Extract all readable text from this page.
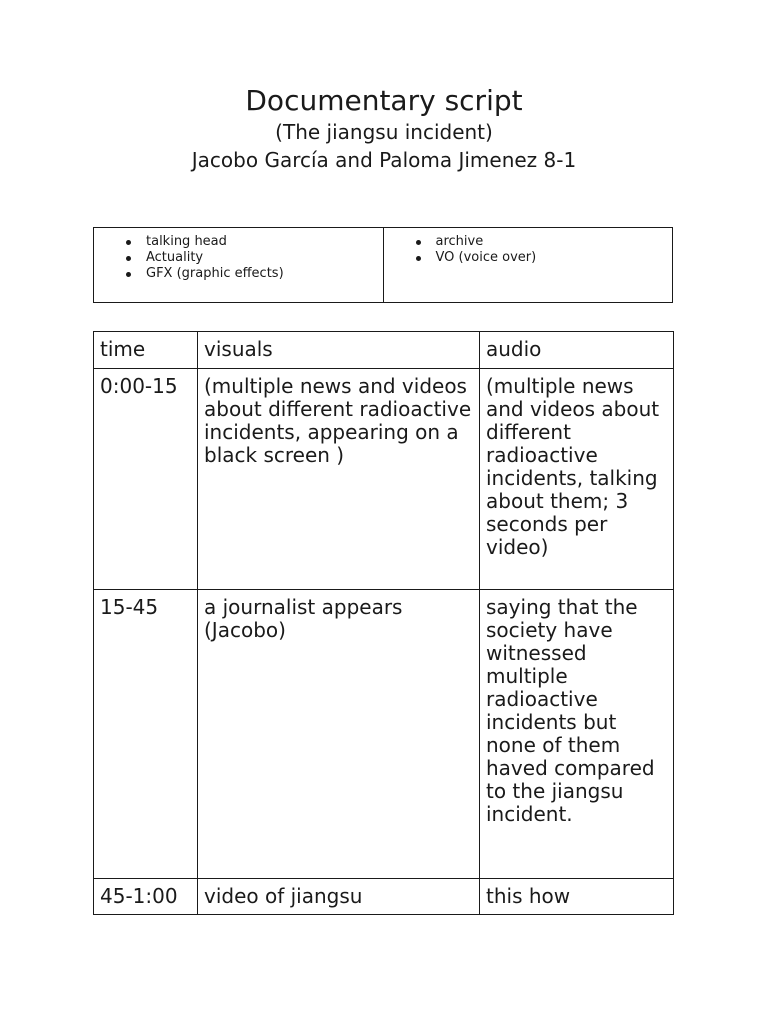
Documentary script
(The jiangsu incident)
Jacobo García and Paloma Jimenez 8-1
talking head
Actuality
GFX (graphic effects)

archive
VO (voice over)
time	visuals	audio
0:00-15	(multiple news and videos about different radioactive incidents, appearing on a black screen )	(multiple news and videos about different radioactive incidents, talking about them; 3 seconds per video)
15-45	a journalist appears (Jacobo)	saying that the society have witnessed multiple radioactive incidents but none of them haved compared to the jiangsu incident.
45-1:00	video of jiangsu	this how
